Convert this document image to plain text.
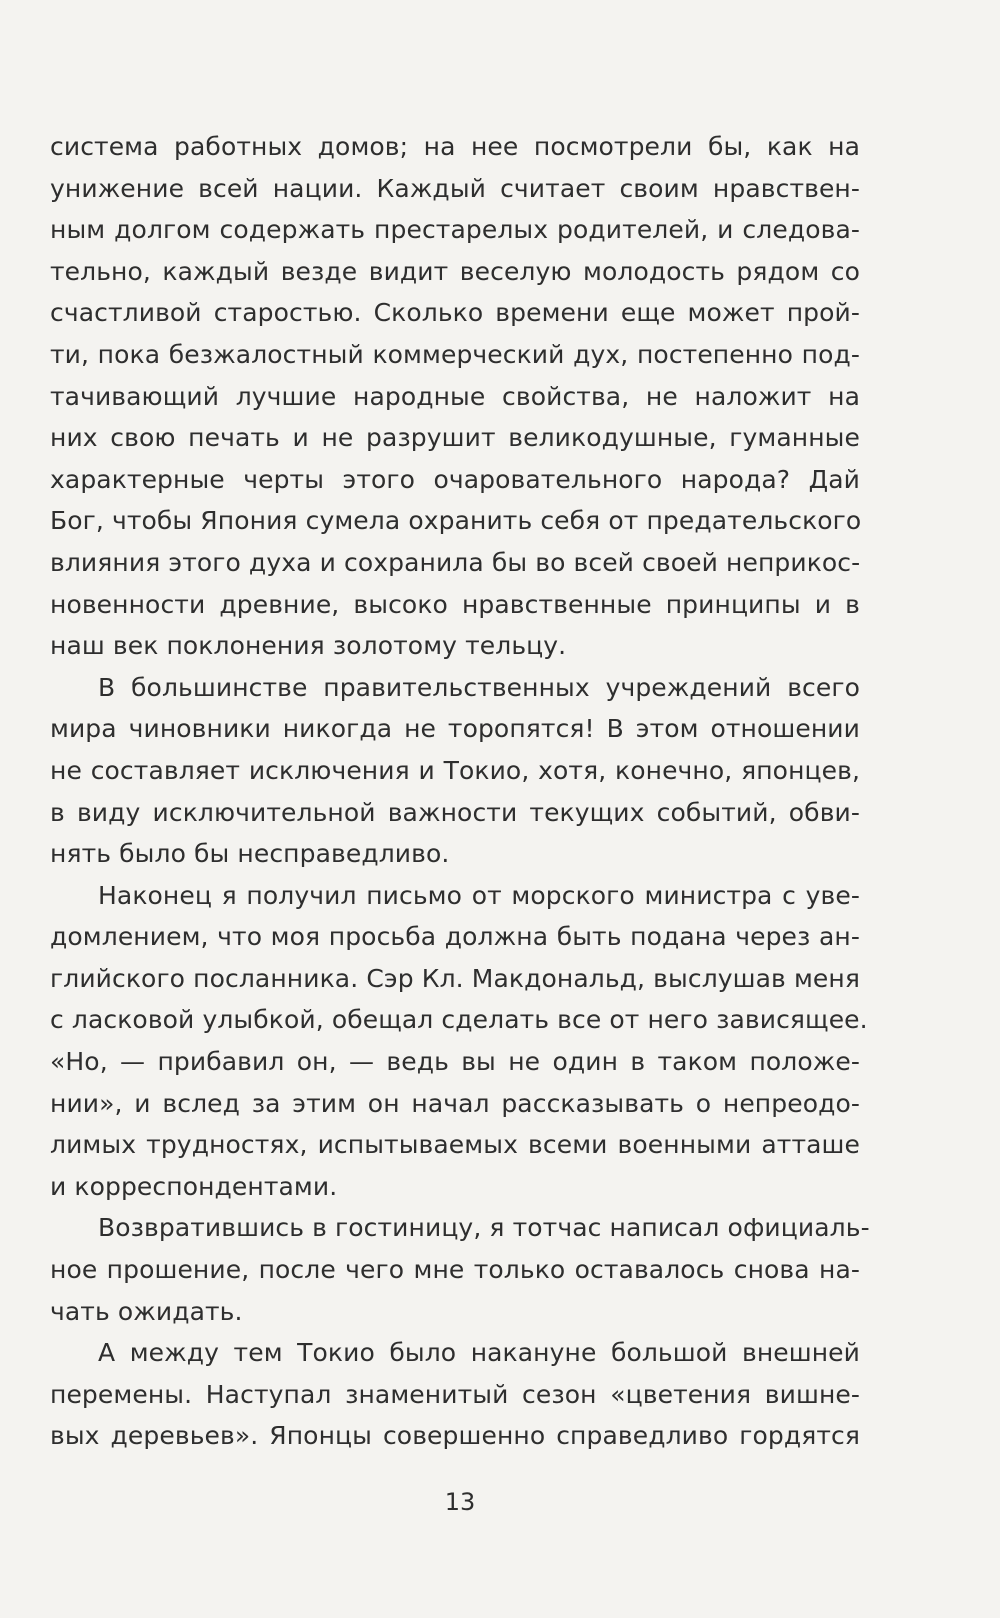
система работных домов; на нее посмотрели бы, как на
унижение всей нации. Каждый считает своим нравствен-
ным долгом содержать престарелых родителей, и следова-
тельно, каждый везде видит веселую молодость рядом со
счастливой старостью. Сколько времени еще может прой-
ти, пока безжалостный коммерческий дух, постепенно под-
тачивающий лучшие народные свойства, не наложит на
них свою печать и не разрушит великодушные, гуманные
характерные черты этого очаровательного народа? Дай
Бог, чтобы Япония сумела охранить себя от предательского
влияния этого духа и сохранила бы во всей своей неприкос-
новенности древние, высоко нравственные принципы и в
наш век поклонения золотому тельцу.
В большинстве правительственных учреждений всего
мира чиновники никогда не торопятся! В этом отношении
не составляет исключения и Токио, хотя, конечно, японцев,
в виду исключительной важности текущих событий, обви-
нять было бы несправедливо.
Наконец я получил письмо от морского министра с уве-
домлением, что моя просьба должна быть подана через ан-
глийского посланника. Сэр Кл. Макдональд, выслушав меня
с ласковой улыбкой, обещал сделать все от него зависящее.
«Но, — прибавил он, — ведь вы не один в таком положе-
нии», и вслед за этим он начал рассказывать о непреодо-
лимых трудностях, испытываемых всеми военными атташе
и корреспондентами.
Возвратившись в гостиницу, я тотчас написал официаль-
ное прошение, после чего мне только оставалось снова на-
чать ожидать.
А между тем Токио было накануне большой внешней
перемены. Наступал знаменитый сезон «цветения вишне-
вых деревьев». Японцы совершенно справедливо гордятся
13
